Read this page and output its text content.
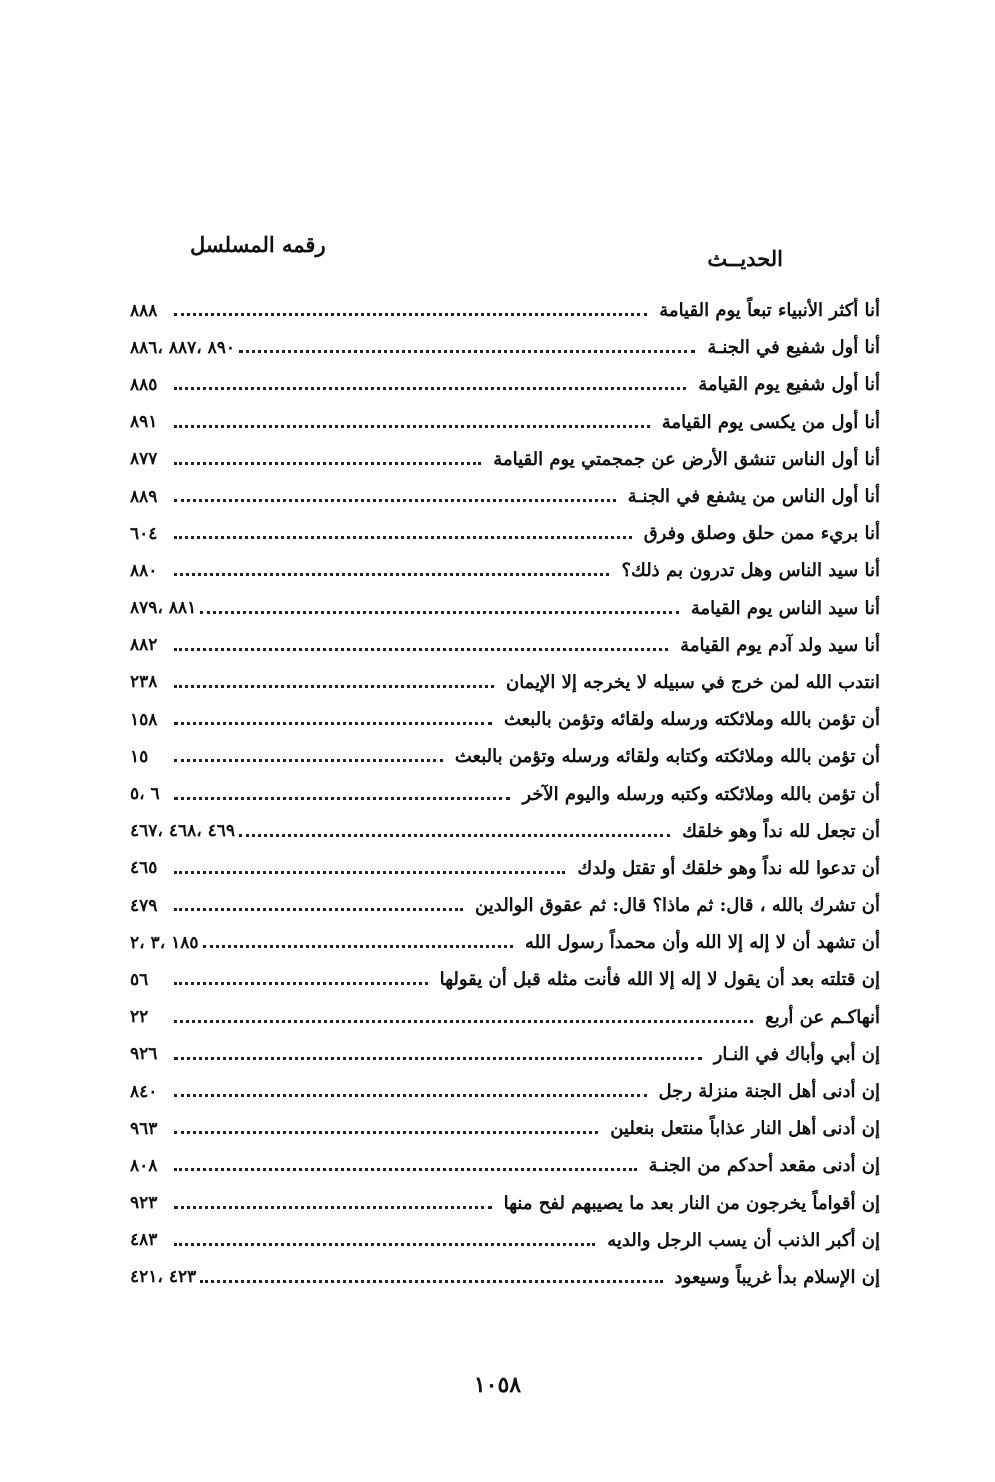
الحديــث
رقمه المسلسل
أنا أكثر الأنبياء تبعاً يوم القيامة
٨٨٨
أنا أول شفيع في الجنـة
٨٩٠ ،٨٨٧ ،٨٨٦
أنا أول شفيع يوم القيامة
٨٨٥
أنا أول من يكسى يوم القيامة
٨٩١
أنا أول الناس تنشق الأرض عن جمجمتي يوم القيامة
٨٧٧
أنا أول الناس من يشفع في الجنـة
٨٨٩
أنا بريء ممن حلق وصلق وفرق
٦٠٤
أنا سيد الناس وهل تدرون بم ذلك؟
٨٨٠
أنا سيد الناس يوم القيامة
٨٨١ ،٨٧٩
أنا سيد ولد آدم يوم القيامة
٨٨٢
انتدب الله لمن خرج في سبيله لا يخرجه إلا الإيمان
٢٣٨
أن تؤمن بالله وملائكته ورسله ولقائه وتؤمن بالبعث
١٥٨
أن تؤمن بالله وملائكته وكتابه ولقائه ورسله وتؤمن بالبعث
١٥
أن تؤمن بالله وملائكته وكتبه ورسله واليوم الآخر
٦ ،٥
أن تجعل لله نداً وهو خلقك
٤٦٩ ،٤٦٨ ،٤٦٧
أن تدعوا لله نداً وهو خلقك أو تقتل ولدك
٤٦٥
أن تشرك بالله ، قال: ثم ماذا؟ قال: ثم عقوق الوالدين
٤٧٩
أن تشهد أن لا إله إلا الله وأن محمداً رسول الله
١٨٥ ،٣ ،٢
إن قتلته بعد أن يقول لا إله إلا الله فأنت مثله قبل أن يقولها
٥٦
أنهاكـم عن أربع
٢٢
إن أبي وأباك في النـار
٩٢٦
إن أدنى أهل الجنة منزلة رجل
٨٤٠
إن أدنى أهل النار عذاباً منتعل بنعلين
٩٦٣
إن أدنى مقعد أحدكم من الجنـة
٨٠٨
إن أقواماً يخرجون من النار بعد ما يصيبهم لفح منها
٩٢٣
إن أكبر الذنب أن يسب الرجل والديه
٤٨٣
إن الإسلام بدأ غريباً وسيعود
٤٢٣ ،٤٢١
١٠٥٨
